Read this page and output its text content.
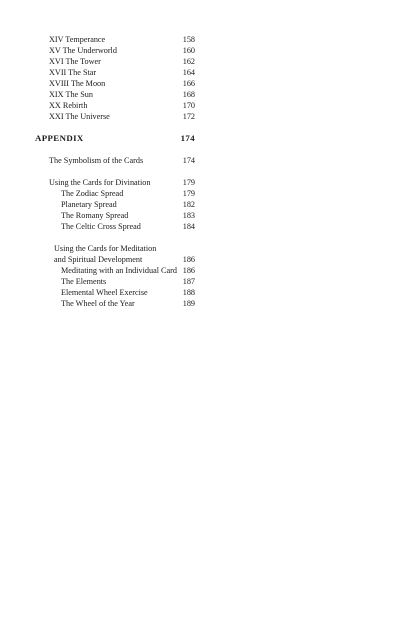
XIV Temperance	158
XV The Underworld	160
XVI The Tower	162
XVII The Star	164
XVIII The Moon	166
XIX The Sun	168
XX Rebirth	170
XXI The Universe	172
APPENDIX	174
The Symbolism of the Cards	174
Using the Cards for Divination	179
The Zodiac Spread	179
Planetary Spread	182
The Romany Spread	183
The Celtic Cross Spread	184
Using the Cards for Meditation
and Spiritual Development	186
Meditating with an Individual Card 186
The Elements	187
Elemental Wheel Exercise	188
The Wheel of the Year	189
